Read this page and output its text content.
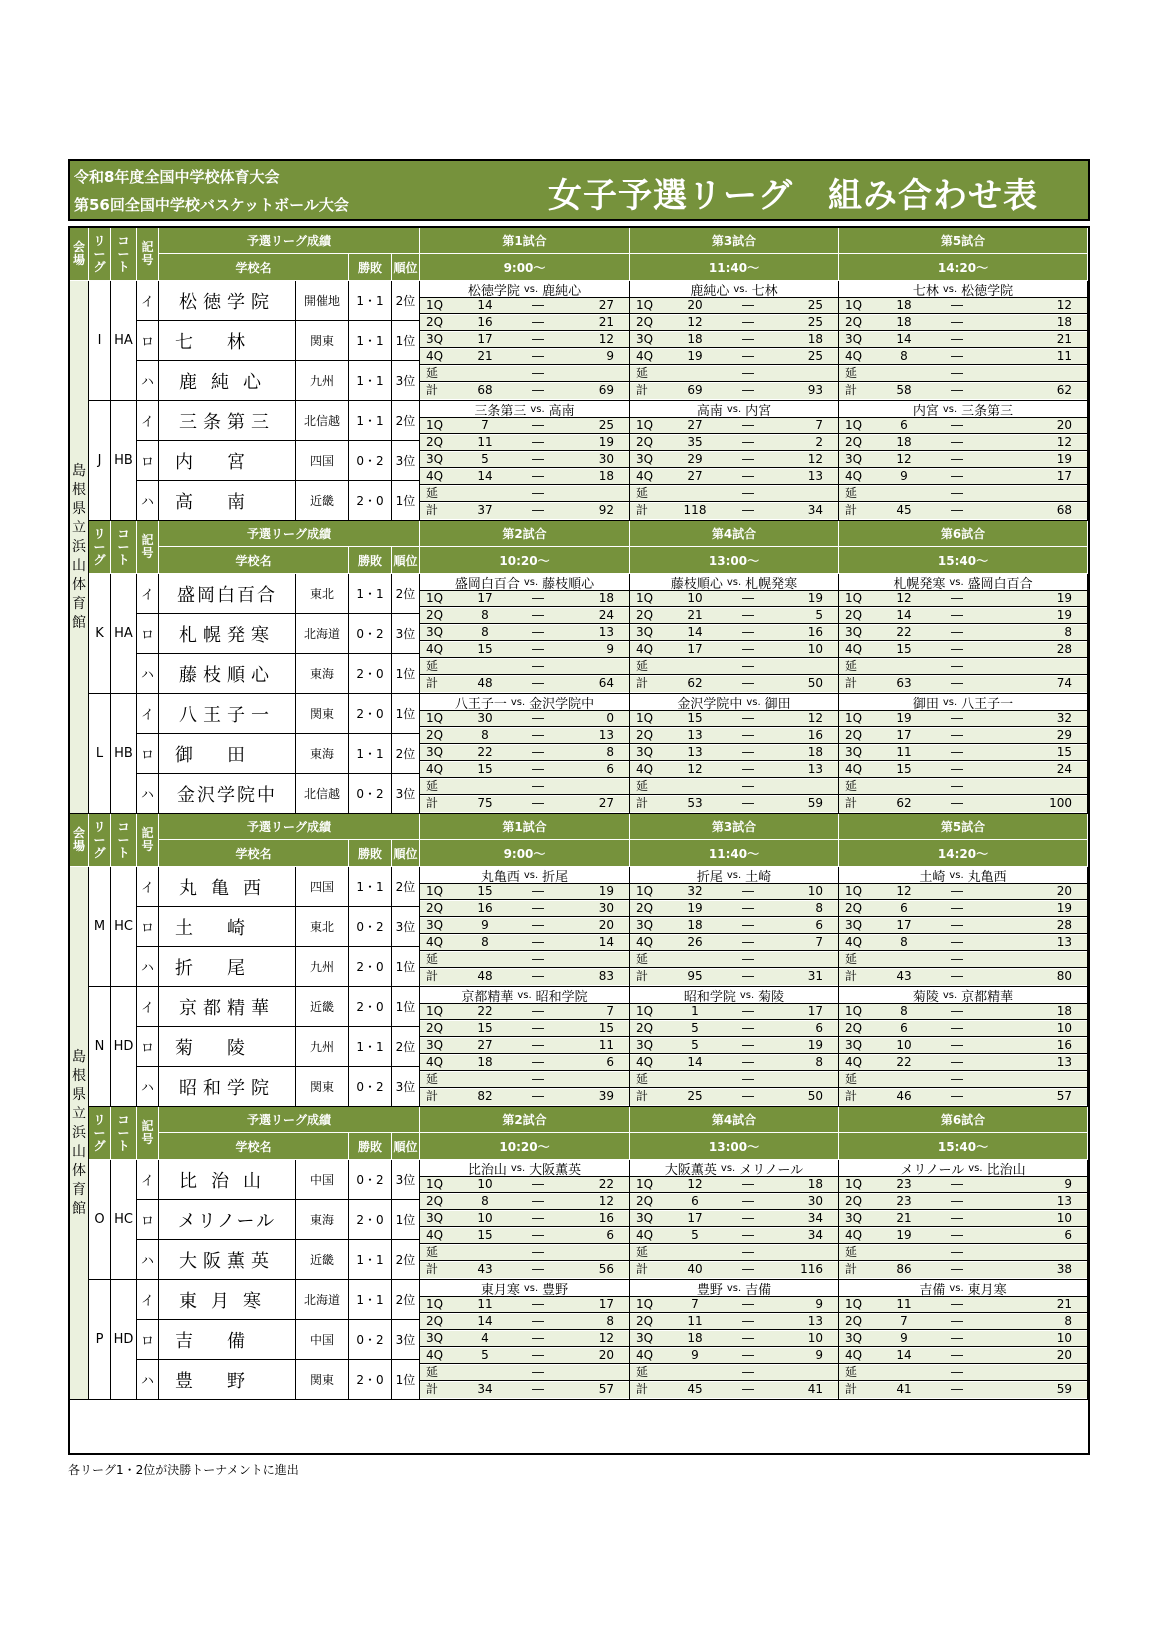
令和8年度全国中学校体育大会
第56回全国中学校バスケットボール大会	女子予選リーグ　組み合わせ表
会
場
島
根
県
立
浜
山
体
育
館
リ
ー
グ
コ
ー
ト
記
号
予選リーグ成績
学校名	勝敗 順位
第1試合
9:00～
第3試合
11:40～
第5試合
14:20～
I HA
イ 松徳学院	開催地	1・1	2位
ロ 七林	関東	1・1	1位
ハ 鹿純心	九州	1・1	3位
松徳学院 vs. 鹿純心
1Q	14	―	27
2Q	16	―	21
3Q	17	―	12
4Q	21	―	9
延	―
計	68	―	69
鹿純心 vs. 七林
1Q	20	―	25
2Q	12	―	25
3Q	18	―	18
4Q	19	―	25
延	―
計	69	―	93
七林 vs. 松徳学院
1Q	18	―	12
2Q	18	―	18
3Q	14	―	21
4Q	8	―	11
延	―
計	58	―	62
J HB
イ 三条第三	北信越	1・1	2位
ロ 内宮	四国	0・2	3位
ハ 高南	近畿	2・0	1位
三条第三 vs. 高南
1Q	7	―	25
2Q	11	―	19
3Q	5	―	30
4Q	14	―	18
延	―
計	37	―	92
高南 vs. 内宮
1Q	27	―	7
2Q	35	―	2
3Q	29	―	12
4Q	27	―	13
延	―
計	118	―	34
内宮 vs. 三条第三
1Q	6	―	20
2Q	18	―	12
3Q	12	―	19
4Q	9	―	17
延	―
計	45	―	68
リ
ー
グ
コ
ー
ト
記
号
予選リーグ成績
学校名	勝敗 順位
第2試合
10:20～
第4試合
13:00～
第6試合
15:40～
K HA
イ 盛岡白百合	東北	1・1	2位
ロ 札幌発寒	北海道	0・2	3位
ハ 藤枝順心	東海	2・0	1位
盛岡白百合 vs. 藤枝順心
1Q	17	―	18
2Q	8	―	24
3Q	8	―	13
4Q	15	―	9
延	―
計	48	―	64
藤枝順心 vs. 札幌発寒
1Q	10	―	19
2Q	21	―	5
3Q	14	―	16
4Q	17	―	10
延	―
計	62	―	50
札幌発寒 vs. 盛岡白百合
1Q	12	―	19
2Q	14	―	19
3Q	22	―	8
4Q	15	―	28
延	―
計	63	―	74
L HB
イ 八王子一	関東	2・0	1位
ロ 御田	東海	1・1	2位
ハ 金沢学院中	北信越	0・2	3位
八王子一 vs. 金沢学院中
1Q	30	―	0
2Q	8	―	13
3Q	22	―	8
4Q	15	―	6
延	―
計	75	―	27
金沢学院中 vs. 御田
1Q	15	―	12
2Q	13	―	16
3Q	13	―	18
4Q	12	―	13
延	―
計	53	―	59
御田 vs. 八王子一
1Q	19	―	32
2Q	17	―	29
3Q	11	―	15
4Q	15	―	24
延	―
計	62	―	100
会
場
島
根
県
立
浜
山
体
育
館
リ
ー
グ
コ
ー
ト
記
号
予選リーグ成績
学校名	勝敗 順位
第1試合
9:00～
第3試合
11:40～
第5試合
14:20～
M HC
イ 丸亀西	四国	1・1	2位
ロ 土崎	東北	0・2	3位
ハ 折尾	九州	2・0	1位
丸亀西 vs. 折尾
1Q	15	―	19
2Q	16	―	30
3Q	9	―	20
4Q	8	―	14
延	―
計	48	―	83
折尾 vs. 土崎
1Q	32	―	10
2Q	19	―	8
3Q	18	―	6
4Q	26	―	7
延	―
計	95	―	31
土崎 vs. 丸亀西
1Q	12	―	20
2Q	6	―	19
3Q	17	―	28
4Q	8	―	13
延	―
計	43	―	80
N HD
イ 京都精華	近畿	2・0	1位
ロ 菊陵	九州	1・1	2位
ハ 昭和学院	関東	0・2	3位
京都精華 vs. 昭和学院
1Q	22	―	7
2Q	15	―	15
3Q	27	―	11
4Q	18	―	6
延	―
計	82	―	39
昭和学院 vs. 菊陵
1Q	1	―	17
2Q	5	―	6
3Q	5	―	19
4Q	14	―	8
延	―
計	25	―	50
菊陵 vs. 京都精華
1Q	8	―	18
2Q	6	―	10
3Q	10	―	16
4Q	22	―	13
延	―
計	46	―	57
リ
ー
グ
コ
ー
ト
記
号
予選リーグ成績
学校名	勝敗 順位
第2試合
10:20～
第4試合
13:00～
第6試合
15:40～
O HC
イ 比治山	中国	0・2	3位
ロ メリノール	東海	2・0	1位
ハ 大阪薫英	近畿	1・1	2位
比治山 vs. 大阪薫英
1Q	10	―	22
2Q	8	―	12
3Q	10	―	16
4Q	15	―	6
延	―
計	43	―	56
大阪薫英 vs. メリノール
1Q	12	―	18
2Q	6	―	30
3Q	17	―	34
4Q	5	―	34
延	―
計	40	―	116
メリノール vs. 比治山
1Q	23	―	9
2Q	23	―	13
3Q	21	―	10
4Q	19	―	6
延	―
計	86	―	38
P HD
イ 東月寒	北海道	1・1	2位
ロ 吉備	中国	0・2	3位
ハ 豊野	関東	2・0	1位
東月寒 vs. 豊野
1Q	11	―	17
2Q	14	―	8
3Q	4	―	12
4Q	5	―	20
延	―
計	34	―	57
豊野 vs. 吉備
1Q	7	―	9
2Q	11	―	13
3Q	18	―	10
4Q	9	―	9
延	―
計	45	―	41
吉備 vs. 東月寒
1Q	11	―	21
2Q	7	―	8
3Q	9	―	10
4Q	14	―	20
延	―
計	41	―	59
各リーグ1・2位が決勝トーナメントに進出
